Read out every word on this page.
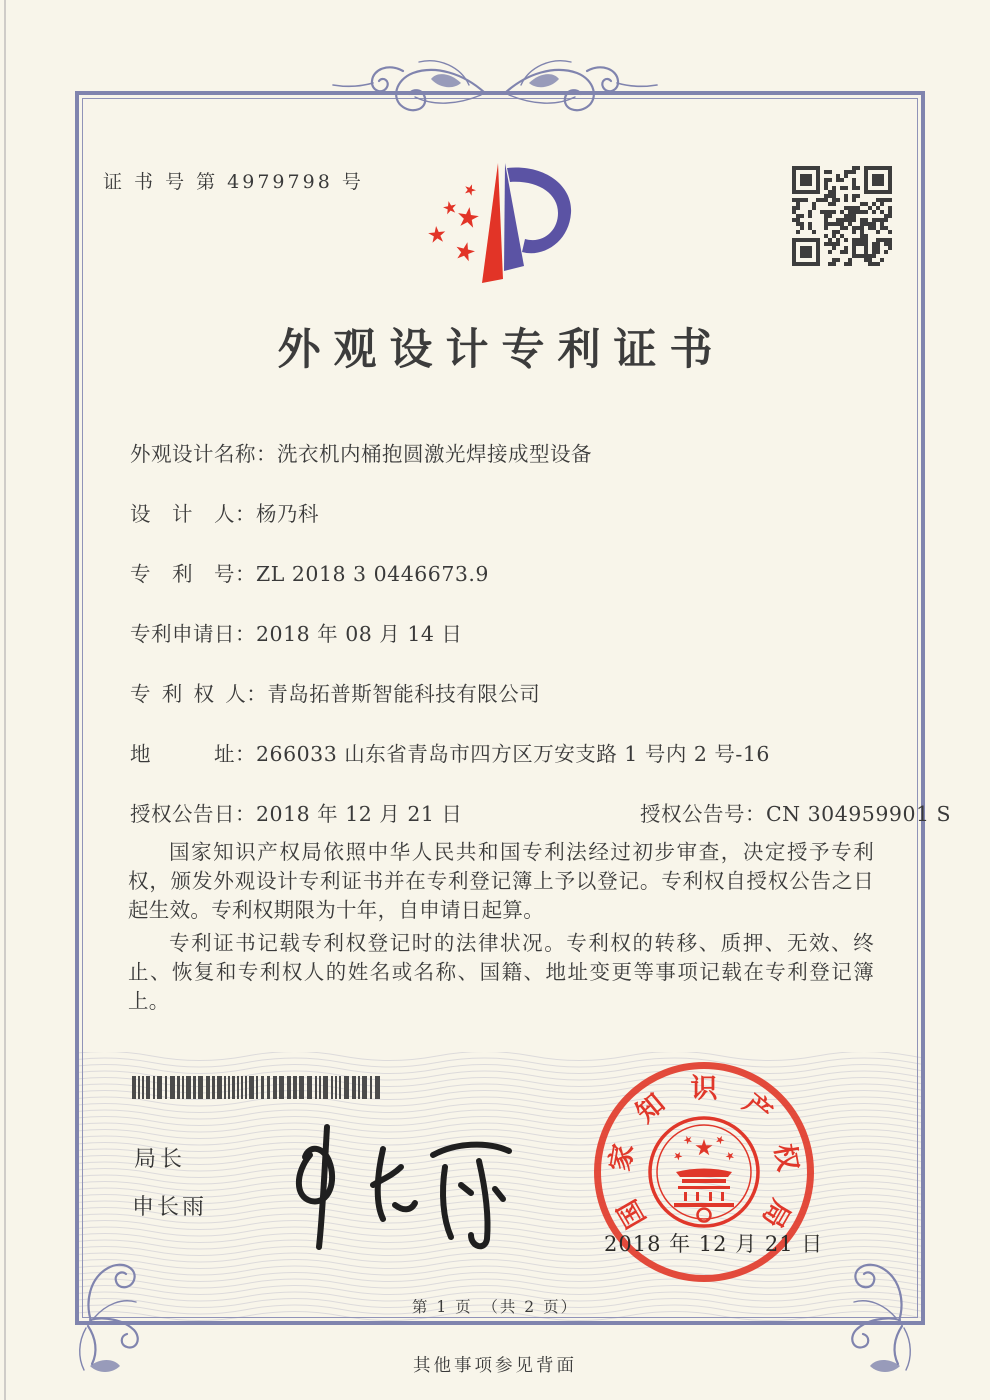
证 书 号 第 4979798 号
外观设计专利证书
外观设计名称：洗衣机内桶抱圆激光焊接成型设备
设　计　人：杨乃科
专　利　号：ZL 2018 3 0446673.9
专利申请日：2018 年 08 月 14 日
专 利 权 人：青岛拓普斯智能科技有限公司
地　　　址：266033 山东省青岛市四方区万安支路 1 号内 2 号-16
授权公告日：2018 年 12 月 21 日	授权公告号：CN 304959901 S

国家知识产权局依照中华人民共和国专利法经过初步审查，决定授予专利权，颁发外观设计专利证书并在专利登记簿上予以登记。专利权自授权公告之日起生效。专利权期限为十年，自申请日起算。

专利证书记载专利权登记时的法律状况。专利权的转移、质押、无效、终止、恢复和专利权人的姓名或名称、国籍、地址变更等事项记载在专利登记簿上。

局长
申长雨	国
家
知 识 产
权
局
2018 年 12 月 21 日
第 1 页　（共 2 页）
其他事项参见背面
